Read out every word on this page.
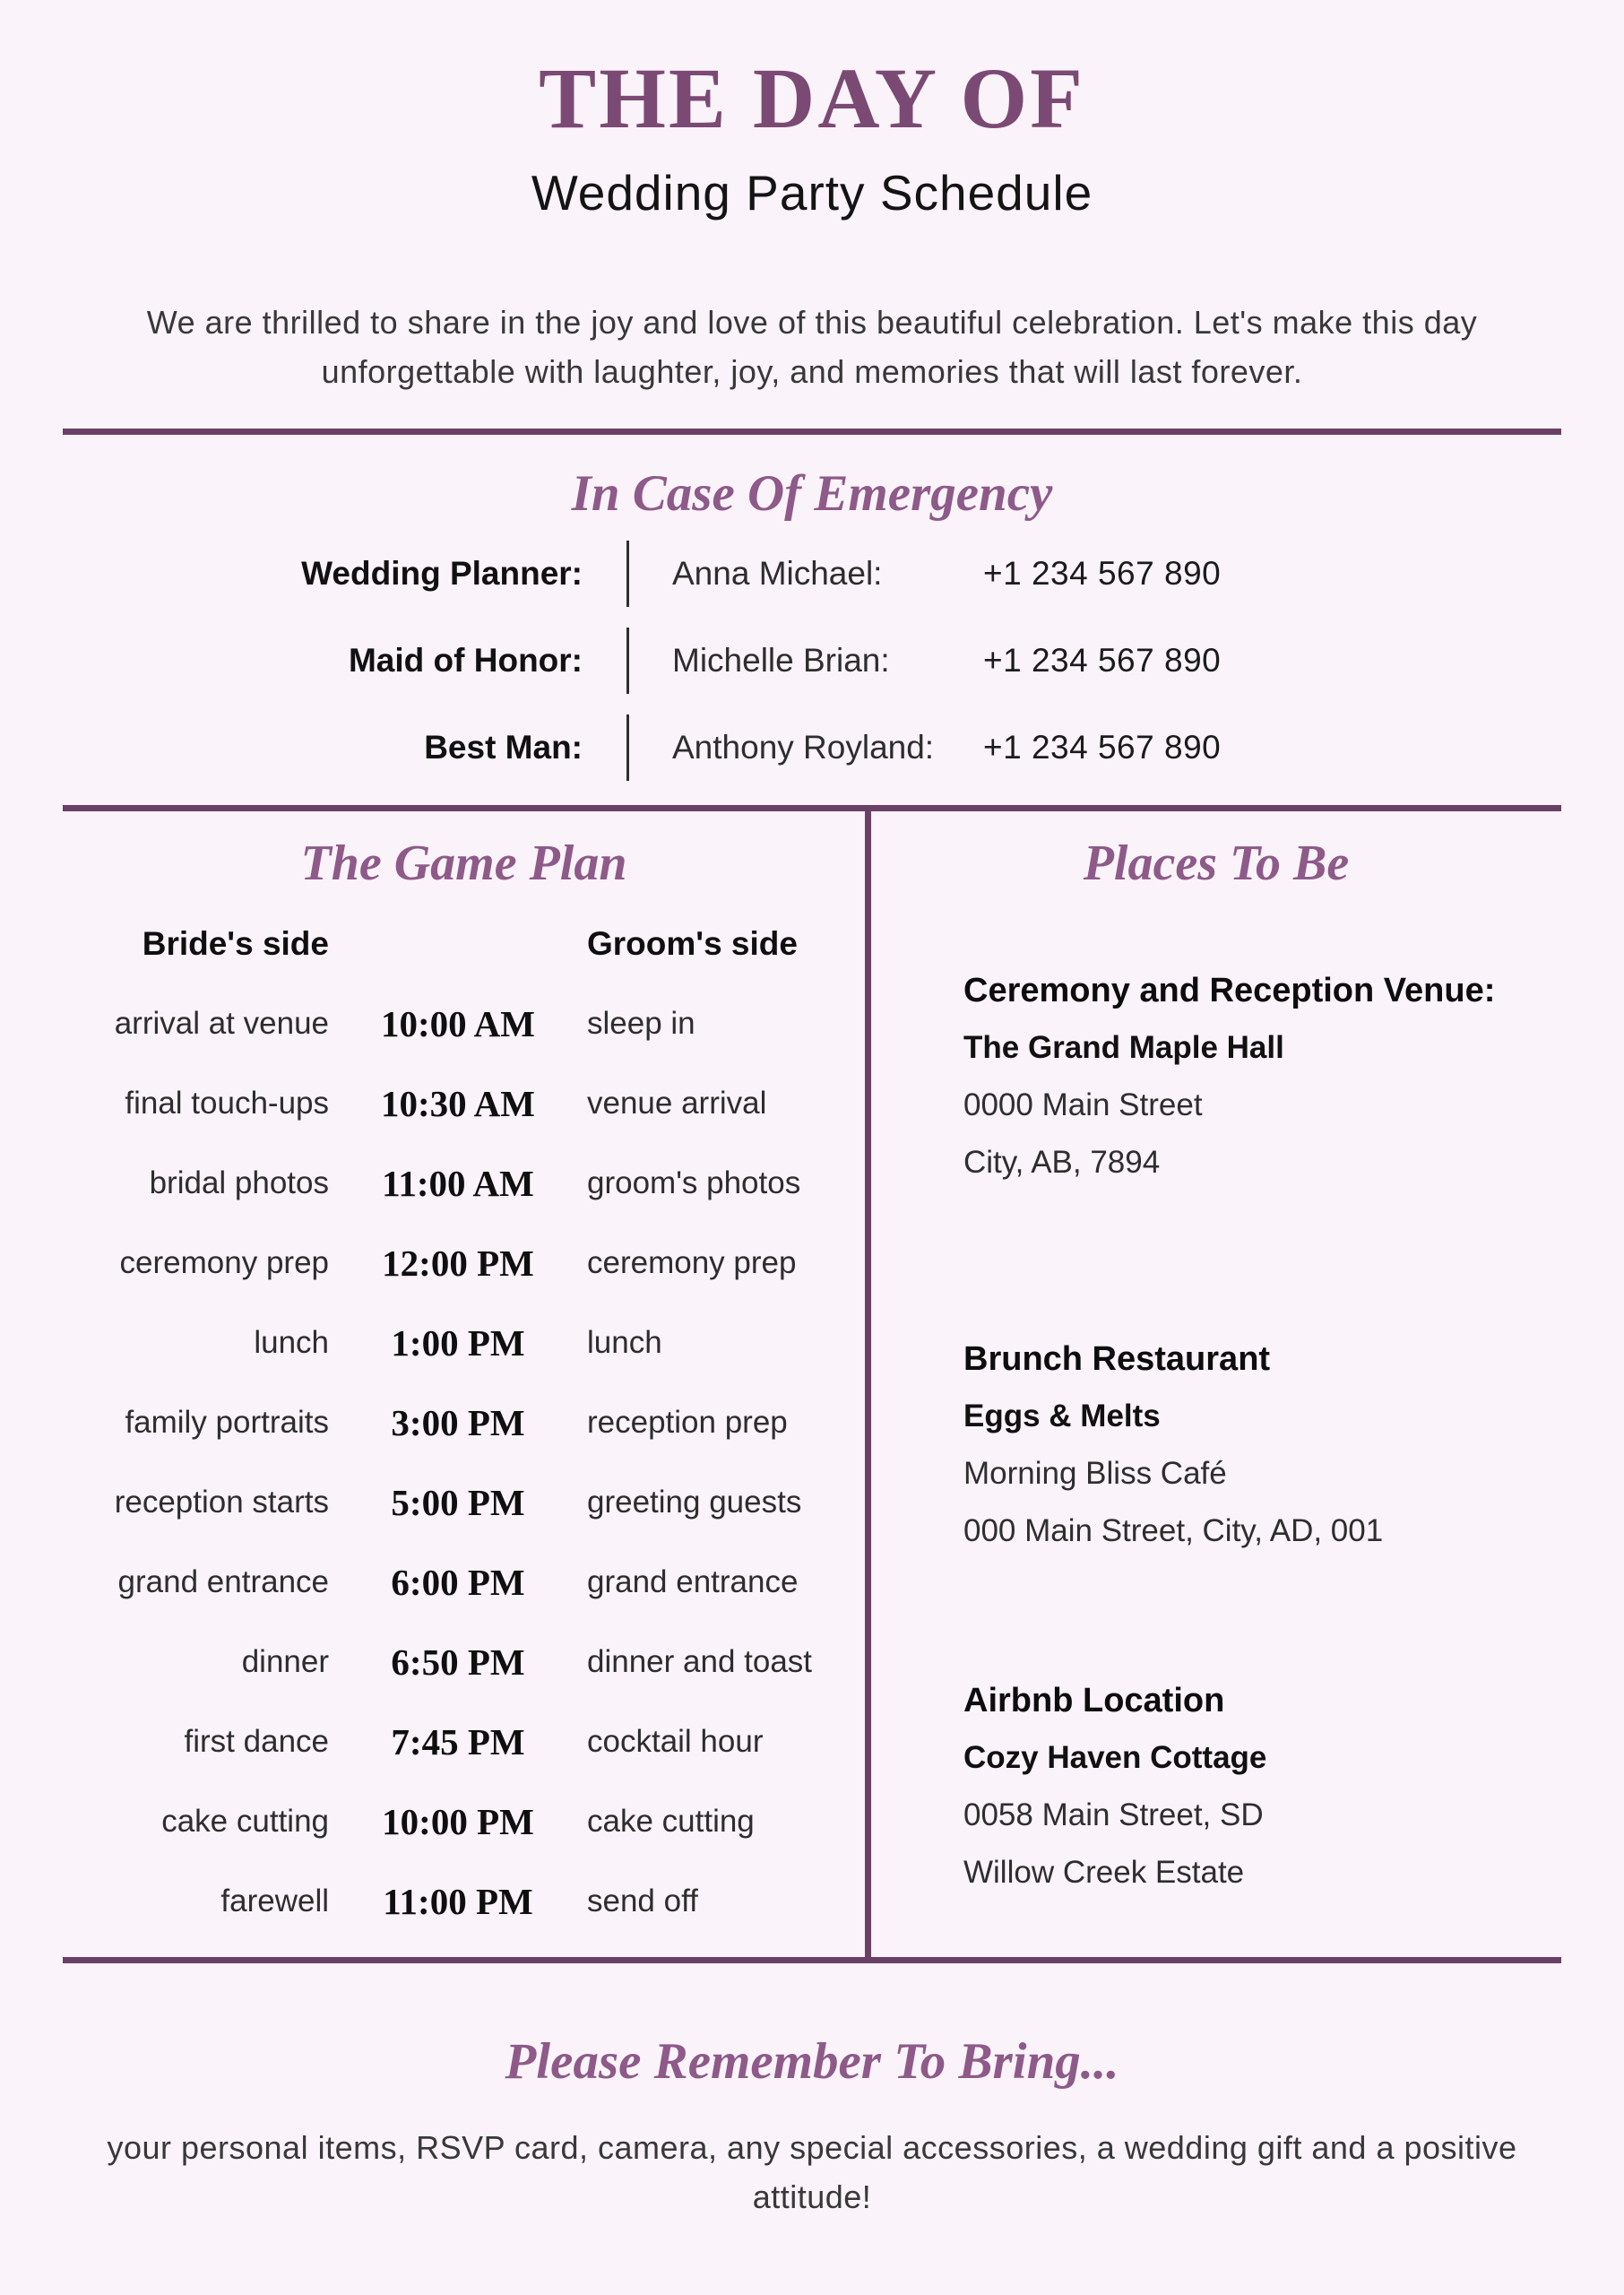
THE DAY OF
Wedding Party Schedule
We are thrilled to share in the joy and love of this beautiful celebration. Let's make this day unforgettable with laughter, joy, and memories that will last forever.
In Case Of Emergency
Wedding Planner:	Anna Michael:	+1 234 567 890
Maid of Honor:	Michelle Brian:	+1 234 567 890
Best Man:	Anthony Royland:	+1 234 567 890
The Game Plan
Bride's side	Groom's side
arrival at venue	10:00 AM	sleep in
final touch-ups	10:30 AM	venue arrival
bridal photos	11:00 AM	groom's photos
ceremony prep	12:00 PM	ceremony prep
lunch	1:00 PM	lunch
family portraits	3:00 PM	reception prep
reception starts	5:00 PM	greeting guests
grand entrance	6:00 PM	grand entrance
dinner	6:50 PM	dinner and toast
first dance	7:45 PM	cocktail hour
cake cutting	10:00 PM	cake cutting
farewell	11:00 PM	send off
Places To Be
Ceremony and Reception Venue:
The Grand Maple Hall
0000 Main Street
City, AB, 7894
Brunch Restaurant
Eggs & Melts
Morning Bliss Café
000 Main Street, City, AD, 001
Airbnb Location
Cozy Haven Cottage
0058 Main Street, SD
Willow Creek Estate
Please Remember To Bring...
your personal items, RSVP card, camera, any special accessories, a wedding gift and a positive attitude!
